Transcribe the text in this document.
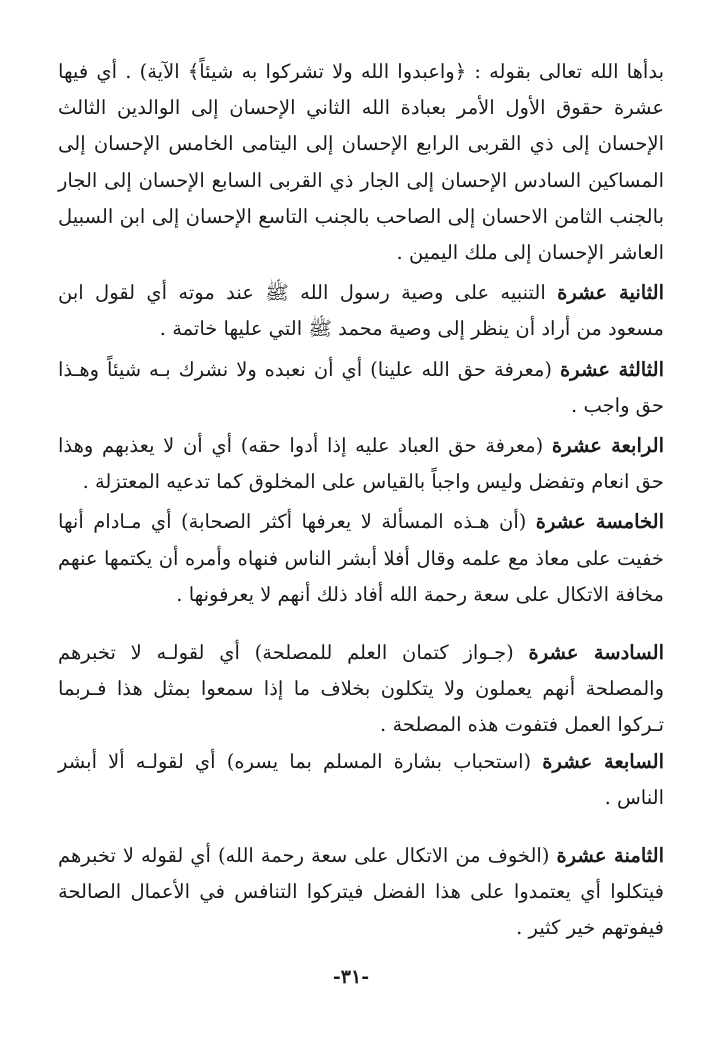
بدأها الله تعالى بقوله : ﴿واعبدوا الله ولا تشركوا به شيئاً﴾ الآية) . أي فيها عشرة حقوق الأول الأمر بعبادة الله الثاني الإحسان إلى الوالدين الثالث الإحسان إلى ذي القربى الرابع الإحسان إلى اليتامى الخامس الإحسان إلى المساكين السادس الإحسان إلى الجار ذي القربى السابع الإحسان إلى الجار بالجنب الثامن الاحسان إلى الصاحب بالجنب التاسع الإحسان إلى ابن السبيل العاشر الإحسان إلى ملك اليمين .

الثانية عشرة التنبيه على وصية رسول الله ﷺ عند موته أي لقول ابن مسعود من أراد أن ينظر إلى وصية محمد ﷺ التي عليها خاتمة .

الثالثة عشرة (معرفة حق الله علينا) أي أن نعبده ولا نشرك بـه شيئاً وهـذا حق واجب .

الرابعة عشرة (معرفة حق العباد عليه إذا أدوا حقه) أي أن لا يعذبهم وهذا حق انعام وتفضل وليس واجباً بالقياس على المخلوق كما تدعيه المعتزلة .

الخامسة عشرة (أن هـذه المسألة لا يعرفها أكثر الصحابة) أي مـادام أنها خفيت على معاذ مع علمه وقال أفلا أبشر الناس فنهاه وأمره أن يكتمها عنهم مخافة الاتكال على سعة رحمة الله أفاد ذلك أنهم لا يعرفونها .

السادسة عشرة (جـواز كتمان العلم للمصلحة) أي لقولـه لا تخبرهم والمصلحة أنهم يعملون ولا يتكلون بخلاف ما إذا سمعوا بمثل هذا فـربما تـركوا العمل فتفوت هذه المصلحة .

السابعة عشرة (استحباب بشارة المسلم بما يسره) أي لقولـه ألا أبشر الناس .

الثامنة عشرة (الخوف من الاتكال على سعة رحمة الله) أي لقوله لا تخبرهم فيتكلوا أي يعتمدوا على هذا الفضل فيتركوا التنافس في الأعمال الصالحة فيفوتهم خير كثير .

-٣١-
